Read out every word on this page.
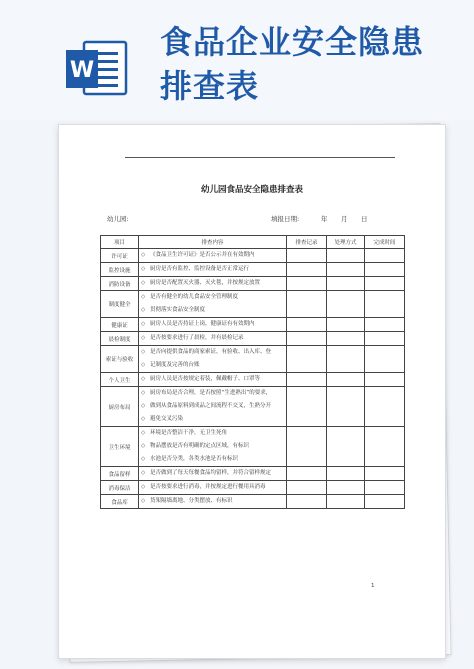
W
食品企业安全隐患
排查表
幼儿园食品安全隐患排查表
幼儿园:	填报日期:	年 月 日
项目	排查内容	排查记录	处理方式	完成时间
许可证	◇ 《食品卫生许可证》是否公示并在有效期内			

监控设施	◇ 厨房是否有监控、监控设备是否正常运行			

消防设备	◇ 厨房是否配置灭火器、灭火毯，并按规定放置			

制度健全	◇ 是否有健全的幼儿食品安全管理制度
◇ 贯彻落实食品安全制度			

健康证	◇ 厨房人员是否持证上岗，健康证有有效期内			

晨检制度	◇ 是否按要求进行了晨检，并有晨检记录			

索证与验收	◇ 是否向提供食品的商家索证，有验收、出入库、登
◇ 记制度及完善的台账			

个人卫生	◇ 厨房人员是否按规定着装，佩戴帽子、口罩等			

厨房布局	◇ 厨房布局是否合理，是否按照“生进熟出”的要求，
◇ 做到从食品原料到成品之间流程不交叉，生熟分开
◇ 避免交叉污染			

卫生环境	◇ 环境是否整洁干净，无卫生死角
◇ 物品摆放是否有明确的定点区域，有标识
◇ 水池是否分类，各类水池是否有标识			

食品留样	◇ 是否做到了每天每餐食品均留样，并符合留样规定			

消毒保洁	◇ 是否按要求进行消毒，并按规定进行餐用具消毒			

食品库	◇ 货架隔墙离地、分类摆放、有标识			

1
